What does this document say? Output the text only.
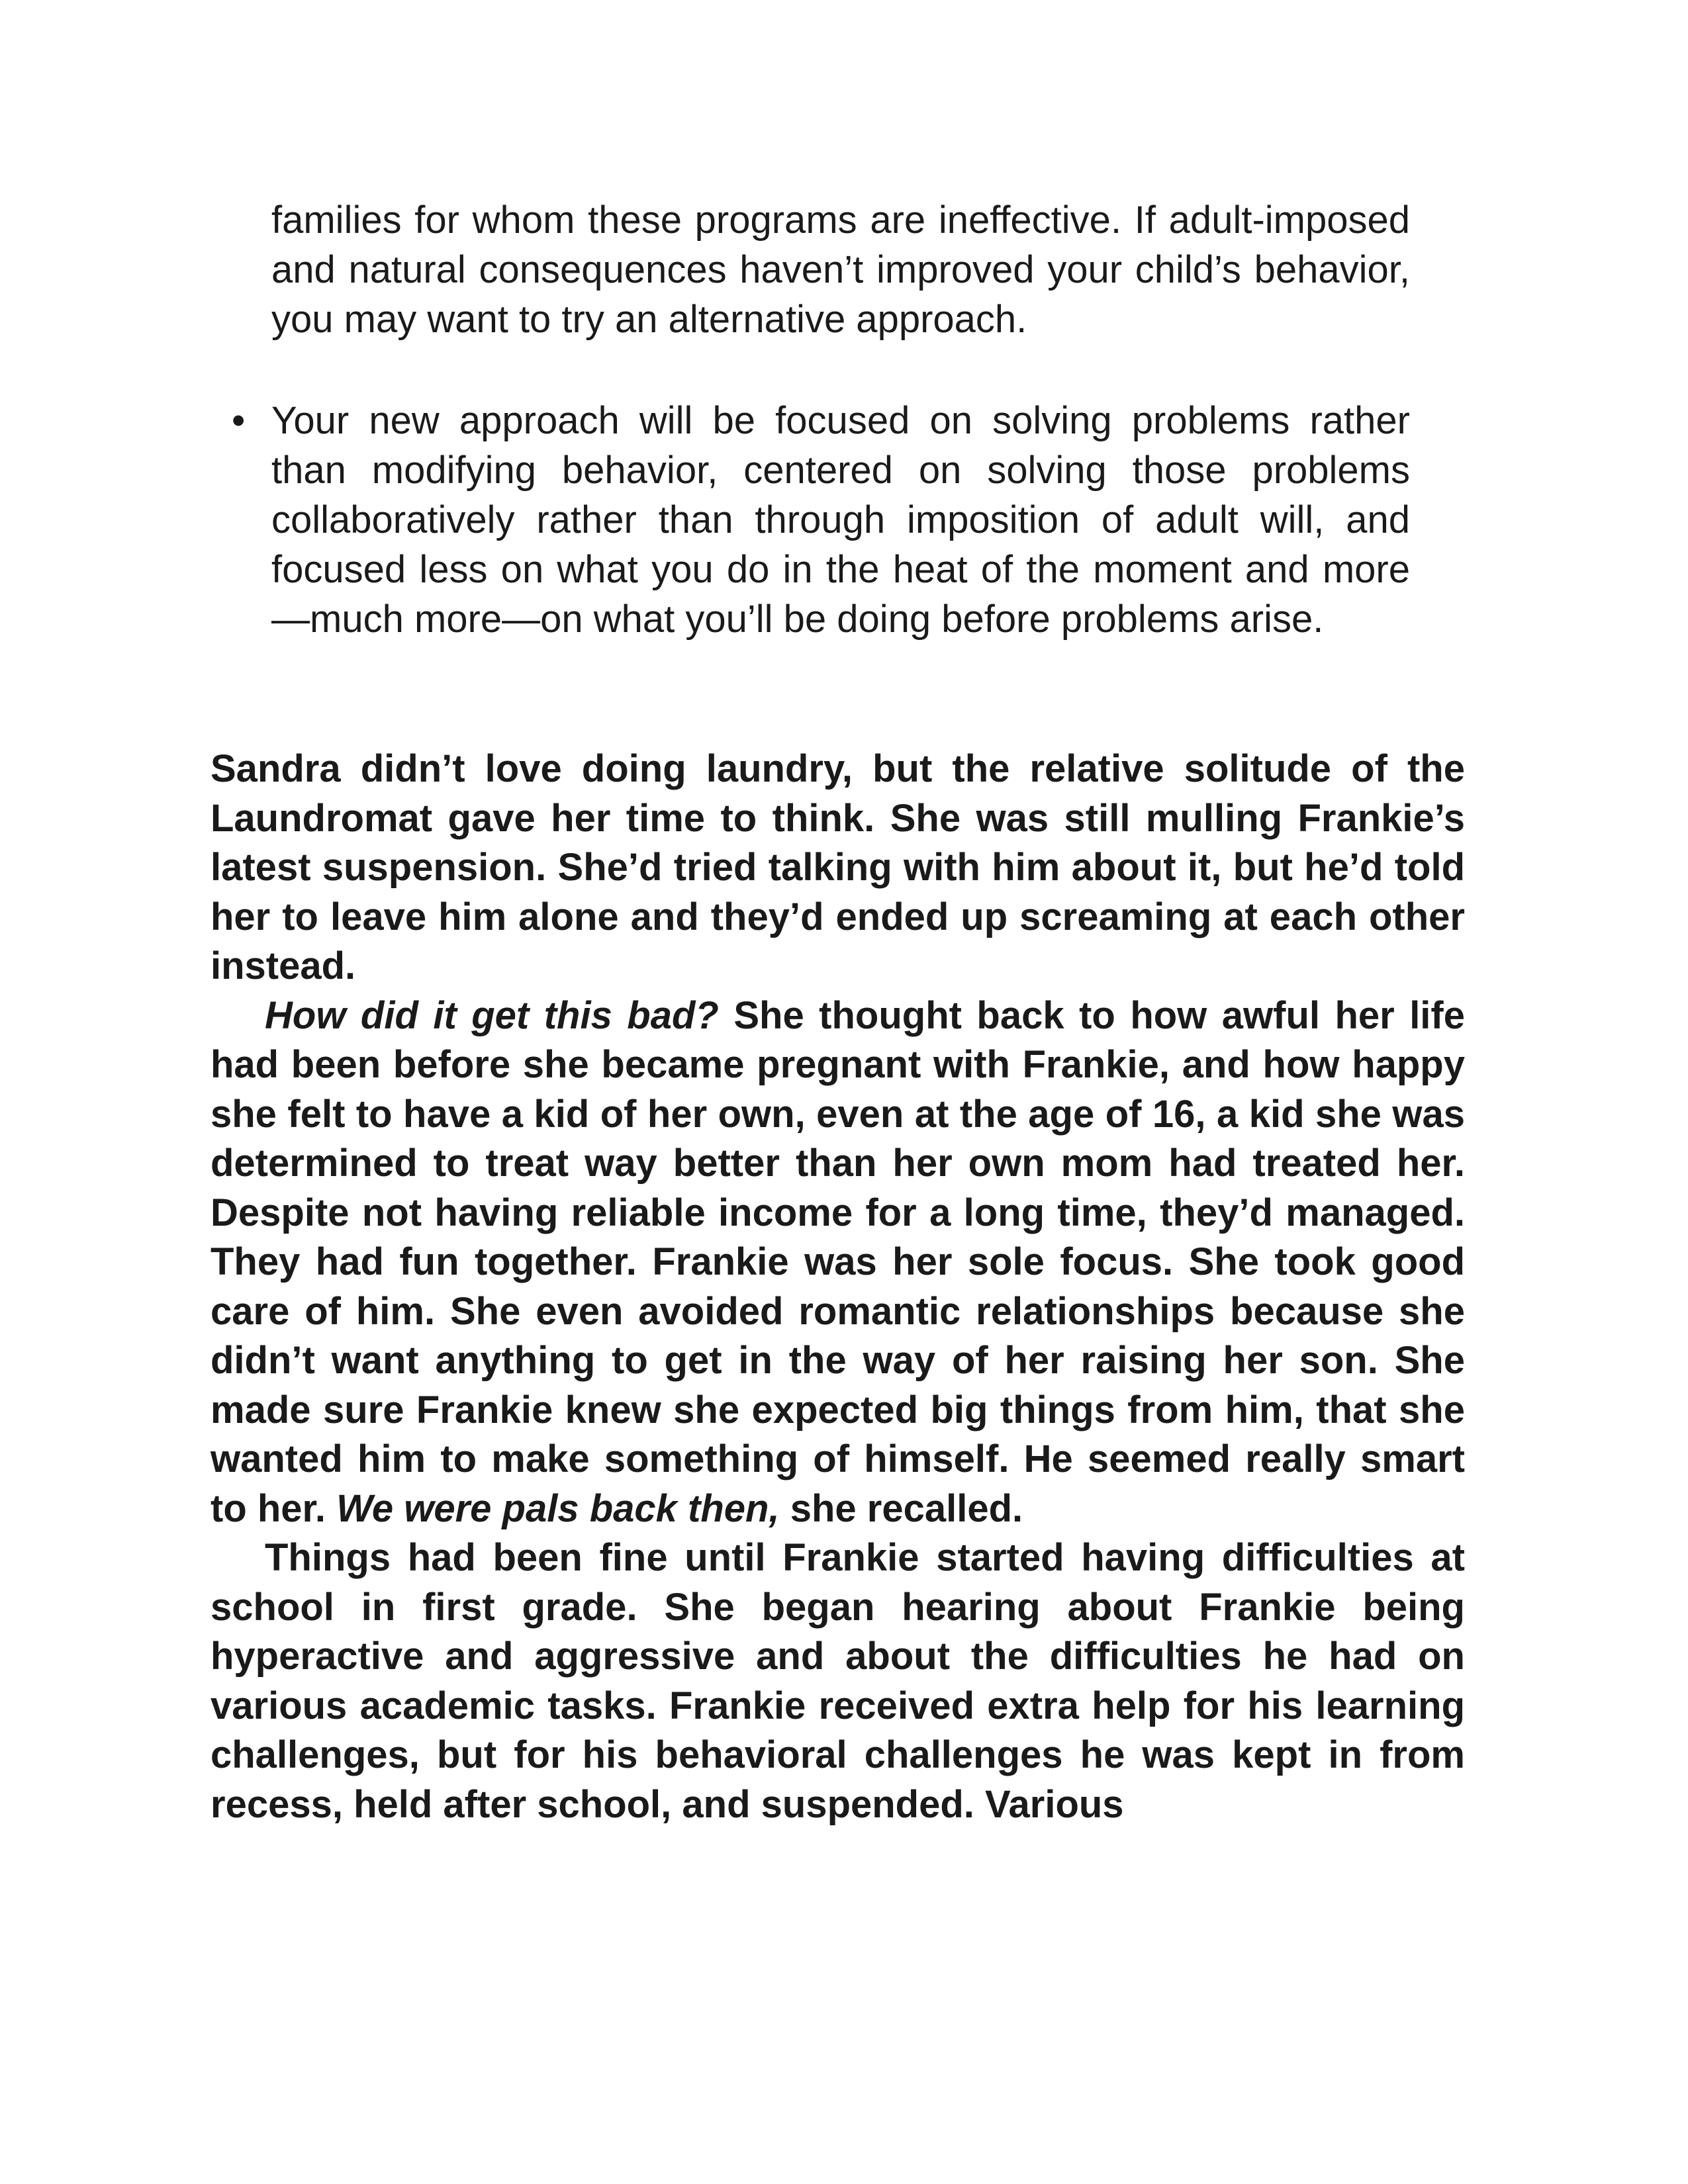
families for whom these programs are ineffective. If adult-imposed and natural consequences haven’t improved your child’s behavior, you may want to try an alternative approach.
• Your new approach will be focused on solving problems rather than modifying behavior, centered on solving those problems collaboratively rather than through imposition of adult will, and focused less on what you do in the heat of the moment and more—much more—on what you’ll be doing before problems arise.

Sandra didn’t love doing laundry, but the relative solitude of the Laundromat gave her time to think. She was still mulling Frankie’s latest suspension. She’d tried talking with him about it, but he’d told her to leave him alone and they’d ended up screaming at each other instead.

How did it get this bad? She thought back to how awful her life had been before she became pregnant with Frankie, and how happy she felt to have a kid of her own, even at the age of 16, a kid she was determined to treat way better than her own mom had treated her. Despite not having reliable income for a long time, they’d managed. They had fun together. Frankie was her sole focus. She took good care of him. She even avoided romantic relationships because she didn’t want anything to get in the way of her raising her son. She made sure Frankie knew she expected big things from him, that she wanted him to make something of himself. He seemed really smart to her. We were pals back then, she recalled.

Things had been fine until Frankie started having difficulties at school in first grade. She began hearing about Frankie being hyperactive and aggressive and about the difficulties he had on various academic tasks. Frankie received extra help for his learning challenges, but for his behavioral challenges he was kept in from recess, held after school, and suspended. Various
